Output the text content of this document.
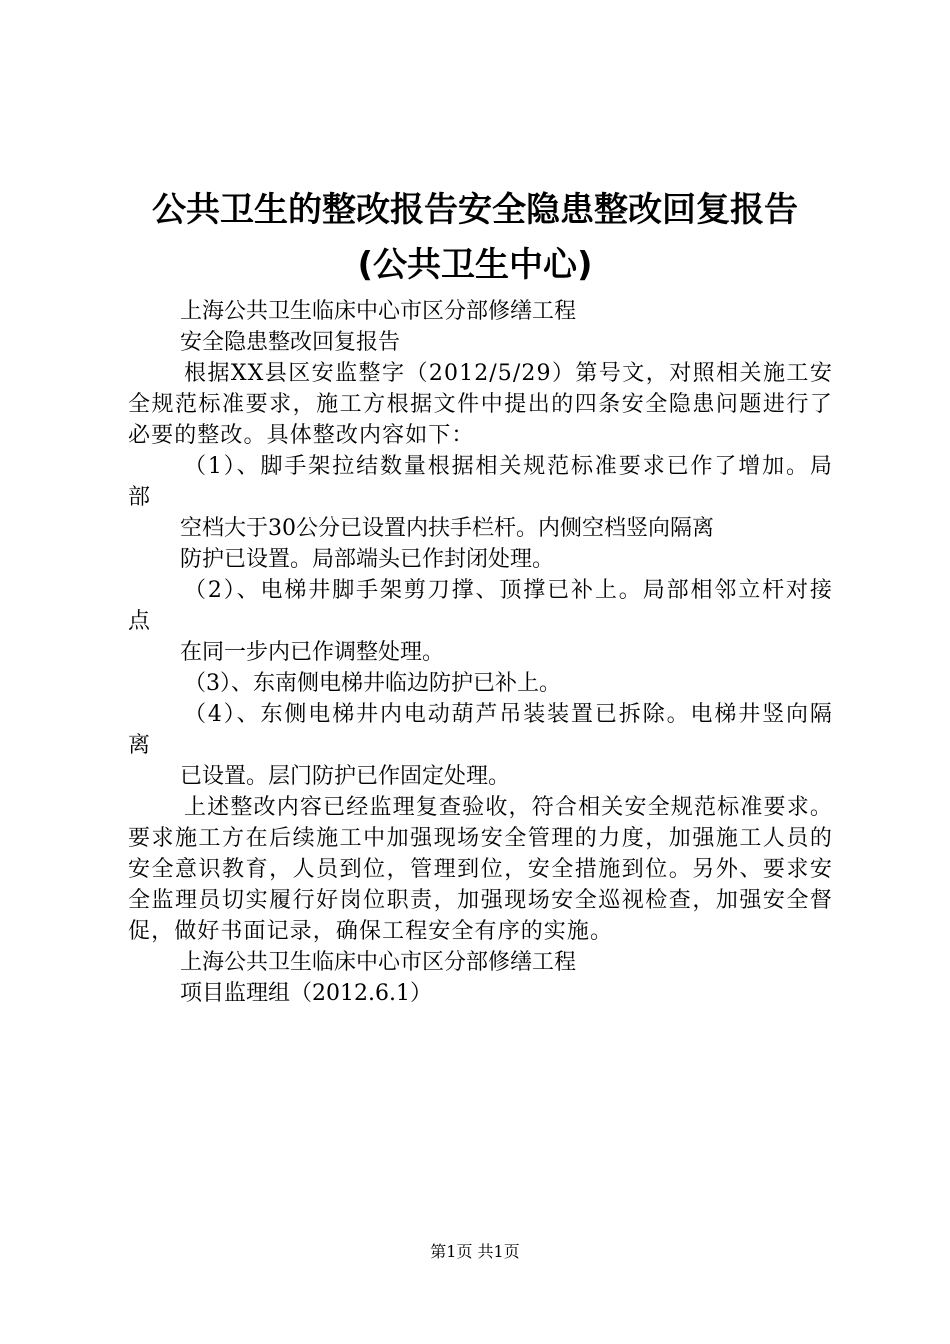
公共卫生的整改报告安全隐患整改回复报告
(公共卫生中心)
上海公共卫生临床中心市区分部修缮工程
安全隐患整改回复报告
根据XX县区安监整字（2012/5/29）第号文，对照相关施工安全规范标准要求，施工方根据文件中提出的四条安全隐患问题进行了必要的整改。具体整改内容如下：
（1）、脚手架拉结数量根据相关规范标准要求已作了增加。局部
空档大于30公分已设置内扶手栏杆。内侧空档竖向隔离
防护已设置。局部端头已作封闭处理。
（2）、电梯井脚手架剪刀撑、顶撑已补上。局部相邻立杆对接点
在同一步内已作调整处理。
（3）、东南侧电梯井临边防护已补上。
（4）、东侧电梯井内电动葫芦吊装装置已拆除。电梯井竖向隔离
已设置。层门防护已作固定处理。
上述整改内容已经监理复查验收，符合相关安全规范标准要求。要求施工方在后续施工中加强现场安全管理的力度，加强施工人员的安全意识教育，人员到位，管理到位，安全措施到位。另外、要求安全监理员切实履行好岗位职责，加强现场安全巡视检查，加强安全督促，做好书面记录，确保工程安全有序的实施。
上海公共卫生临床中心市区分部修缮工程
项目监理组（2012.6.1）
第1页 共1页
